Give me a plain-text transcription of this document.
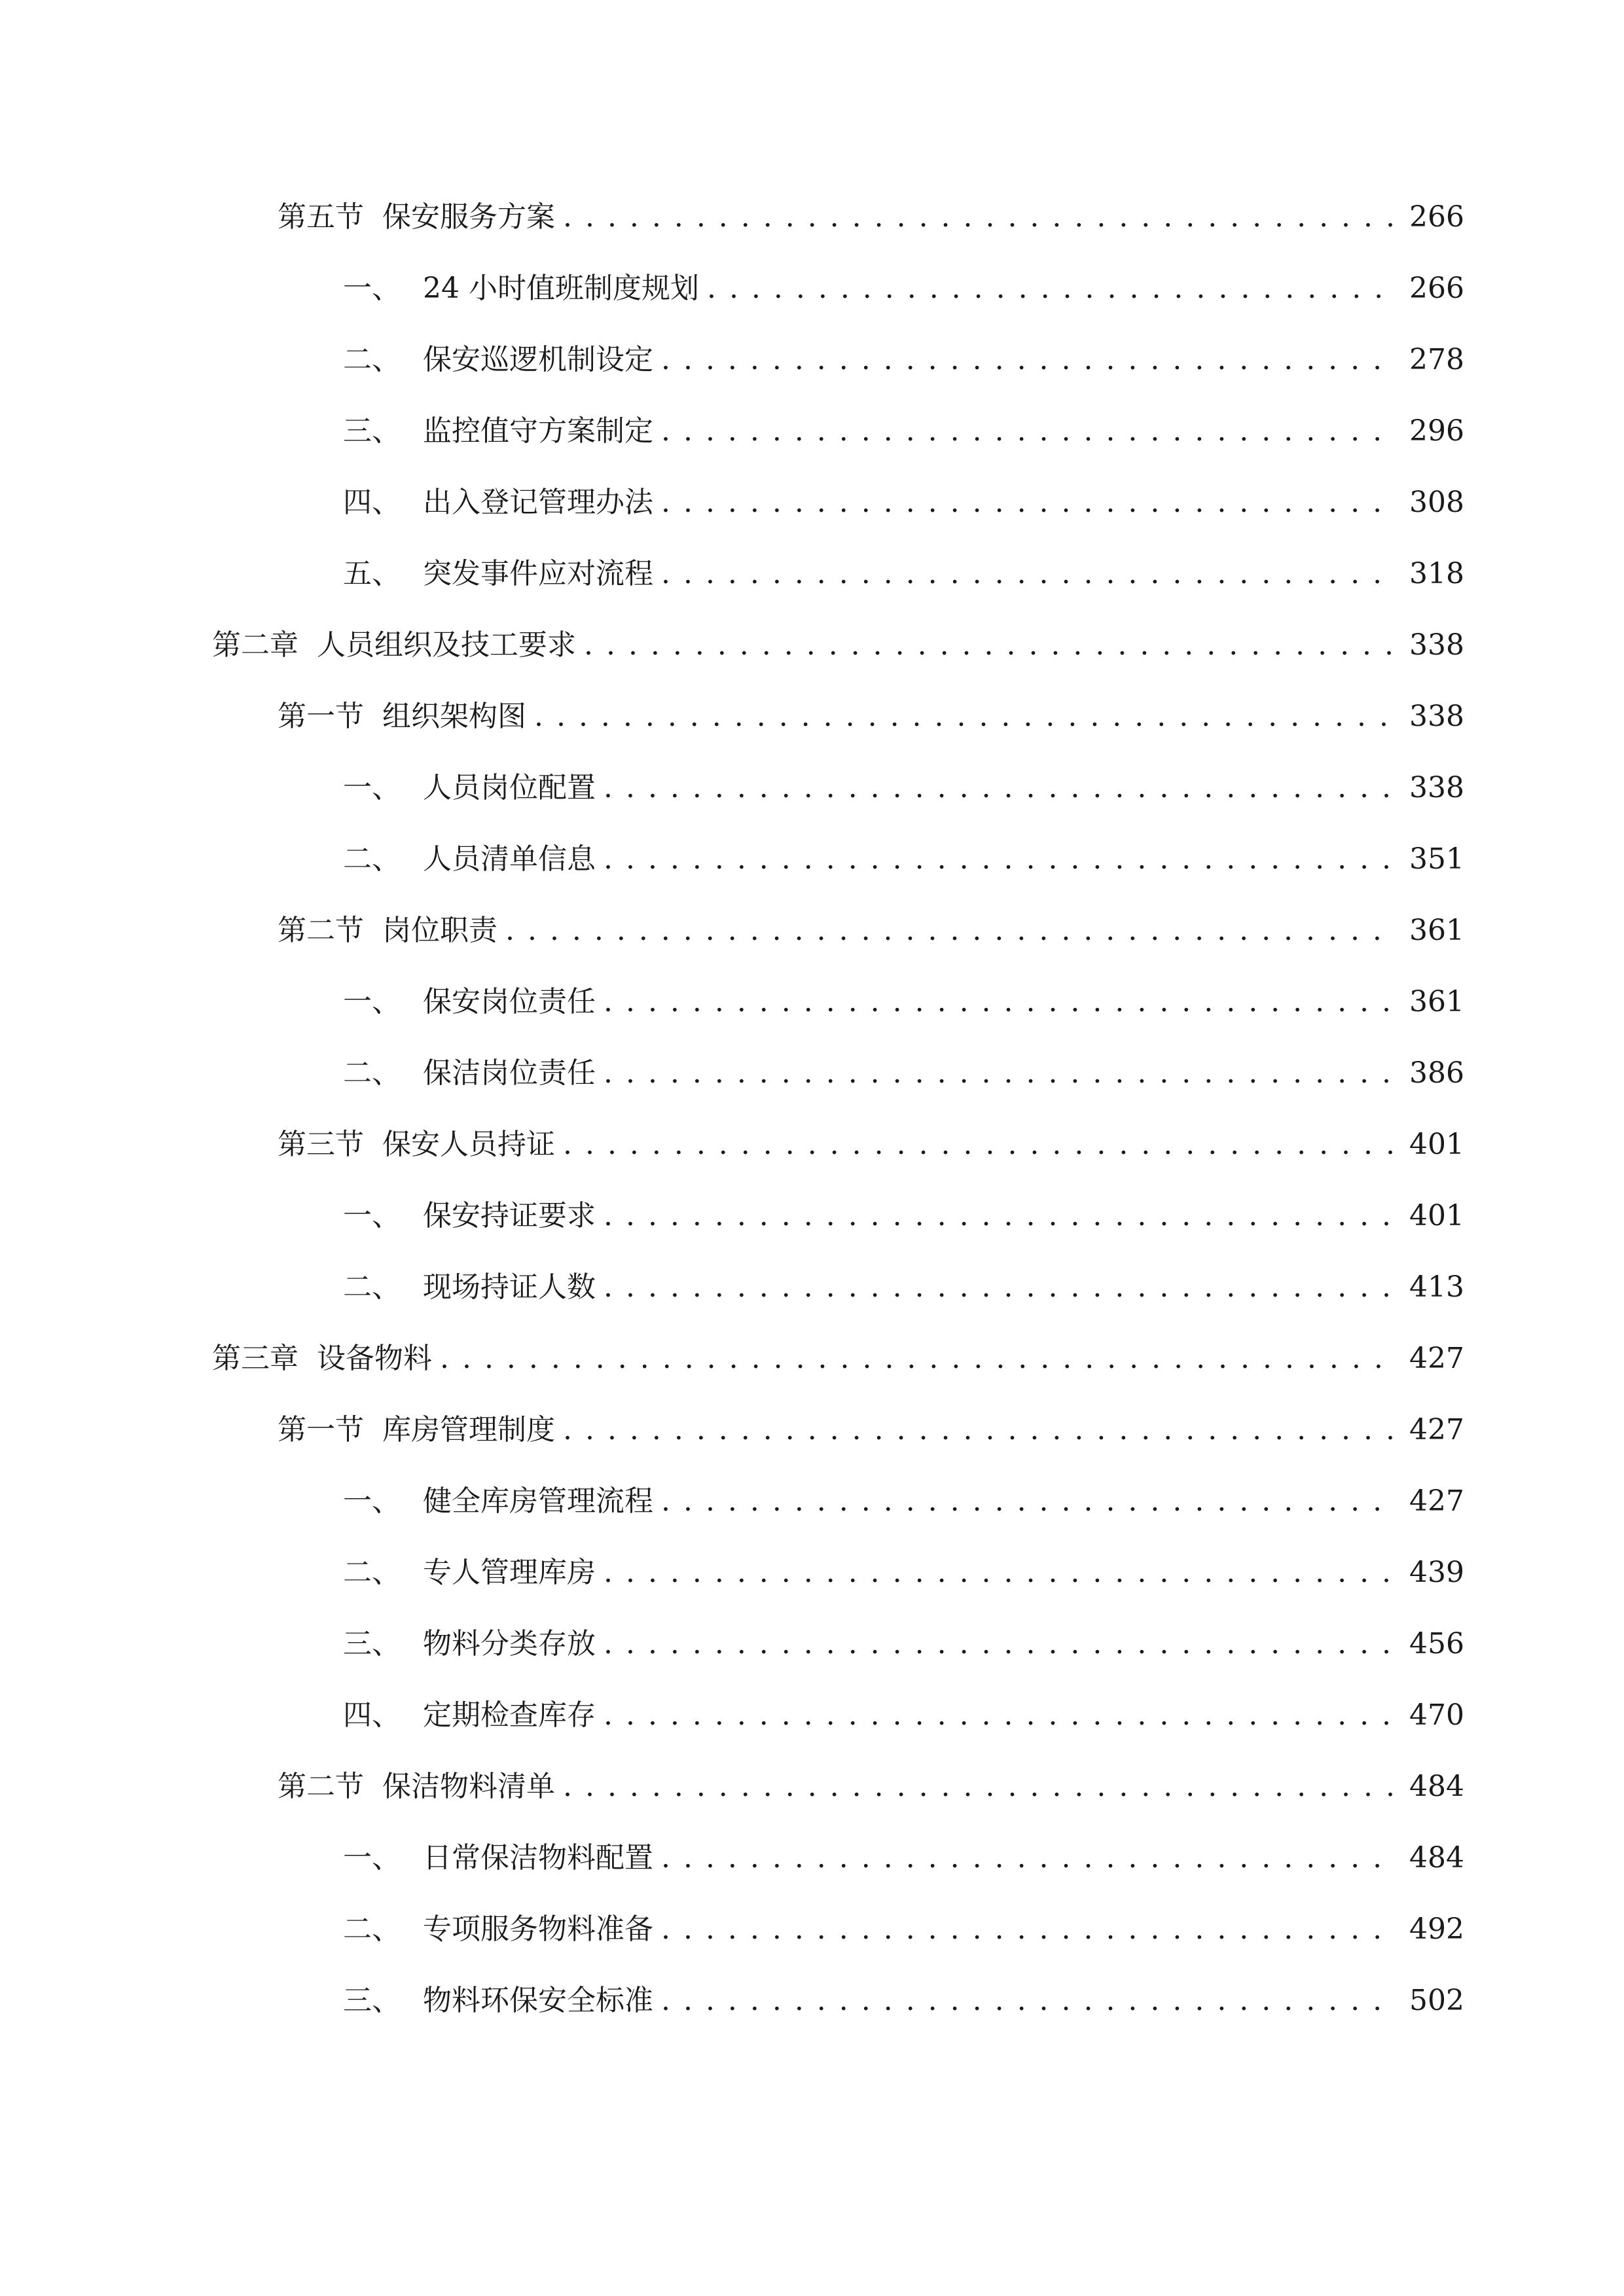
第五节 保安服务方案 . . .	266
一、 24 小时值班制度规划 . . .	266
二、 保安巡逻机制设定 . . .	278
三、 监控值守方案制定 . . .	296
四、 出入登记管理办法 . . .	308
五、 突发事件应对流程 . . .	318
第二章 人员组织及技工要求 . . .	338
第一节 组织架构图 . . .	338
一、 人员岗位配置 . . .	338
二、 人员清单信息 . . .	351
第二节 岗位职责 . . .	361
一、 保安岗位责任 . . .	361
二、 保洁岗位责任 . . .	386
第三节 保安人员持证 . . .	401
一、 保安持证要求 . . .	401
二、 现场持证人数 . . .	413
第三章 设备物料 . . .	427
第一节 库房管理制度 . . .	427
一、 健全库房管理流程 . . .	427
二、 专人管理库房 . . .	439
三、 物料分类存放 . . .	456
四、 定期检查库存 . . .	470
第二节 保洁物料清单 . . .	484
一、 日常保洁物料配置 . . .	484
二、 专项服务物料准备 . . .	492
三、 物料环保安全标准 . . .	502
